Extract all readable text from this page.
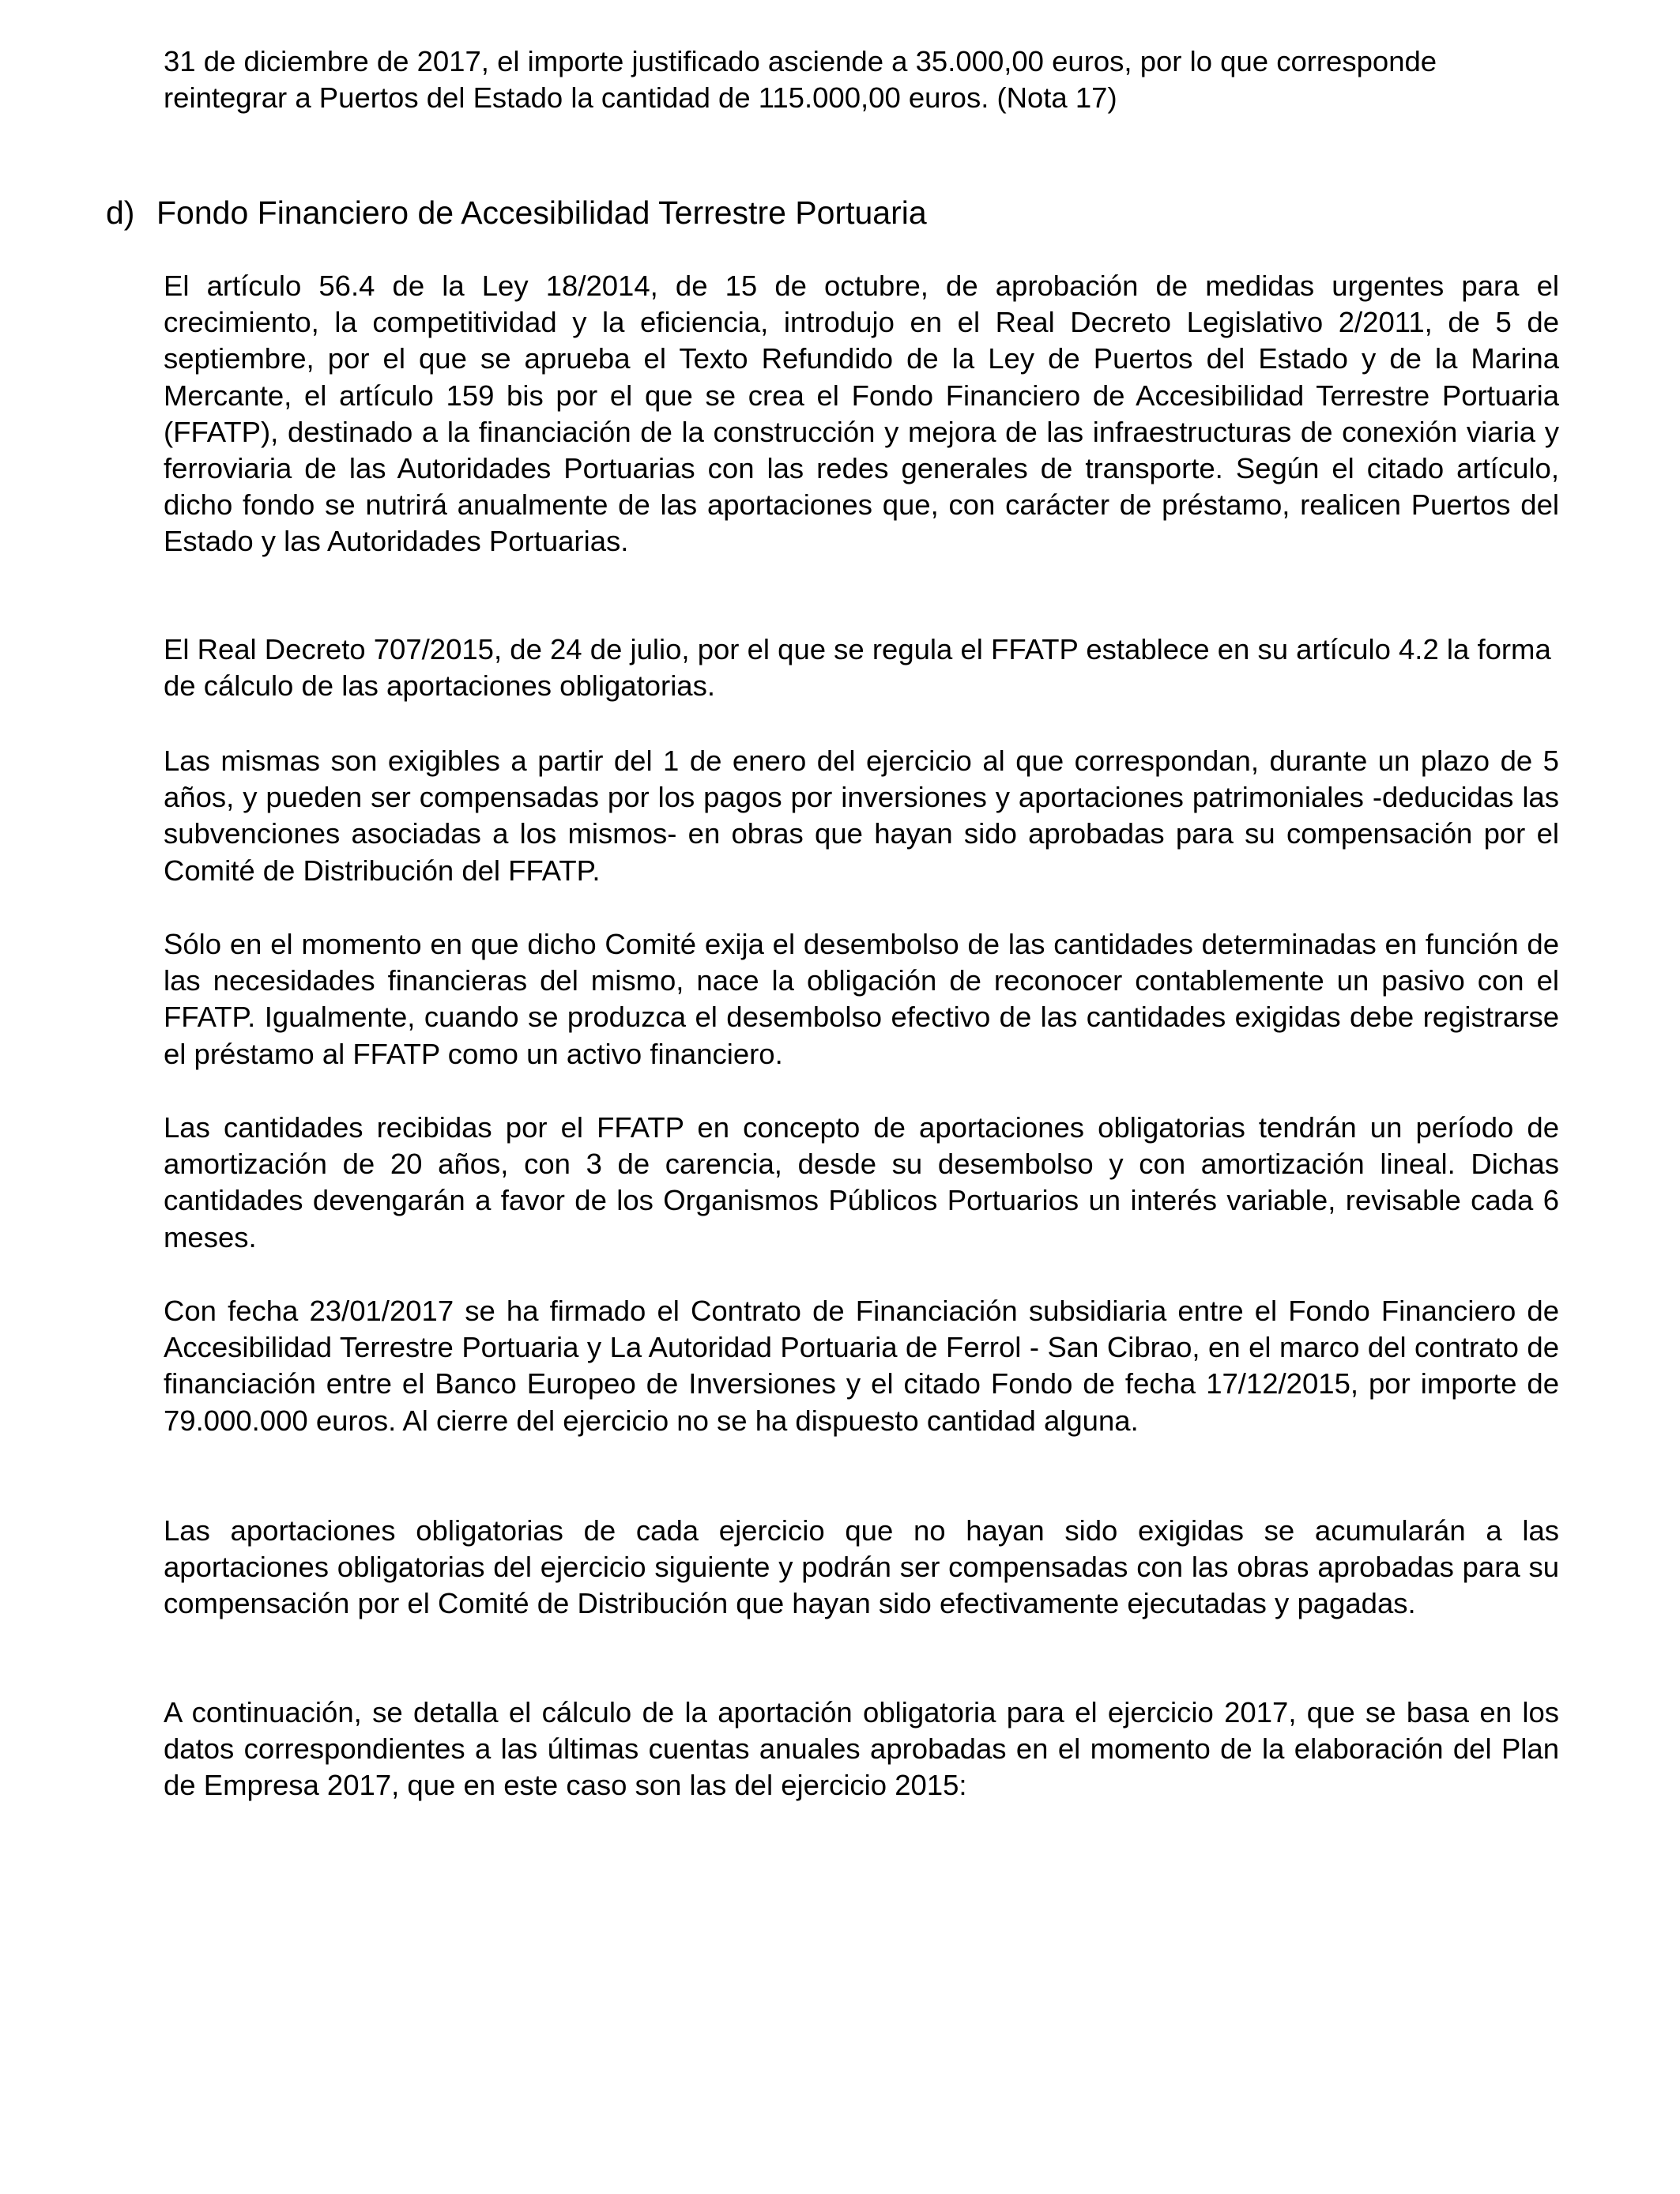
31 de diciembre de 2017, el importe justificado asciende a 35.000,00 euros, por lo que corresponde reintegrar a Puertos del Estado la cantidad de 115.000,00 euros. (Nota 17)

d) Fondo Financiero de Accesibilidad Terrestre Portuaria

El artículo 56.4 de la Ley 18/2014, de 15 de octubre, de aprobación de medidas urgentes para el crecimiento, la competitividad y la eficiencia, introdujo en el Real Decreto Legislativo 2/2011, de 5 de septiembre, por el que se aprueba el Texto Refundido de la Ley de Puertos del Estado y de la Marina Mercante, el artículo 159 bis por el que se crea el Fondo Financiero de Accesibilidad Terrestre Portuaria (FFATP), destinado a la financiación de la construcción y mejora de las infraestructuras de conexión viaria y ferroviaria de las Autoridades Portuarias con las redes generales de transporte. Según el citado artículo, dicho fondo se nutrirá anualmente de las aportaciones que, con carácter de préstamo, realicen Puertos del Estado y las Autoridades Portuarias.

El Real Decreto 707/2015, de 24 de julio, por el que se regula el FFATP establece en su artículo 4.2 la forma de cálculo de las aportaciones obligatorias.

Las mismas son exigibles a partir del 1 de enero del ejercicio al que correspondan, durante un plazo de 5 años, y pueden ser compensadas por los pagos por inversiones y aportaciones patrimoniales -deducidas las subvenciones asociadas a los mismos- en obras que hayan sido aprobadas para su compensación por el Comité de Distribución del FFATP.

Sólo en el momento en que dicho Comité exija el desembolso de las cantidades determinadas en función de las necesidades financieras del mismo, nace la obligación de reconocer contablemente un pasivo con el FFATP. Igualmente, cuando se produzca el desembolso efectivo de las cantidades exigidas debe registrarse el préstamo al FFATP como un activo financiero.

Las cantidades recibidas por el FFATP en concepto de aportaciones obligatorias tendrán un período de amortización de 20 años, con 3 de carencia, desde su desembolso y con amortización lineal. Dichas cantidades devengarán a favor de los Organismos Públicos Portuarios un interés variable, revisable cada 6 meses.

Con fecha 23/01/2017 se ha firmado el Contrato de Financiación subsidiaria entre el Fondo Financiero de Accesibilidad Terrestre Portuaria y La Autoridad Portuaria de Ferrol - San Cibrao, en el marco del contrato de financiación entre el Banco Europeo de Inversiones y el citado Fondo de fecha 17/12/2015, por importe de 79.000.000 euros. Al cierre del ejercicio no se ha dispuesto cantidad alguna.

Las aportaciones obligatorias de cada ejercicio que no hayan sido exigidas se acumularán a las aportaciones obligatorias del ejercicio siguiente y podrán ser compensadas con las obras aprobadas para su compensación por el Comité de Distribución que hayan sido efectivamente ejecutadas y pagadas.

A continuación, se detalla el cálculo de la aportación obligatoria para el ejercicio 2017, que se basa en los datos correspondientes a las últimas cuentas anuales aprobadas en el momento de la elaboración del Plan de Empresa 2017, que en este caso son las del ejercicio 2015:
